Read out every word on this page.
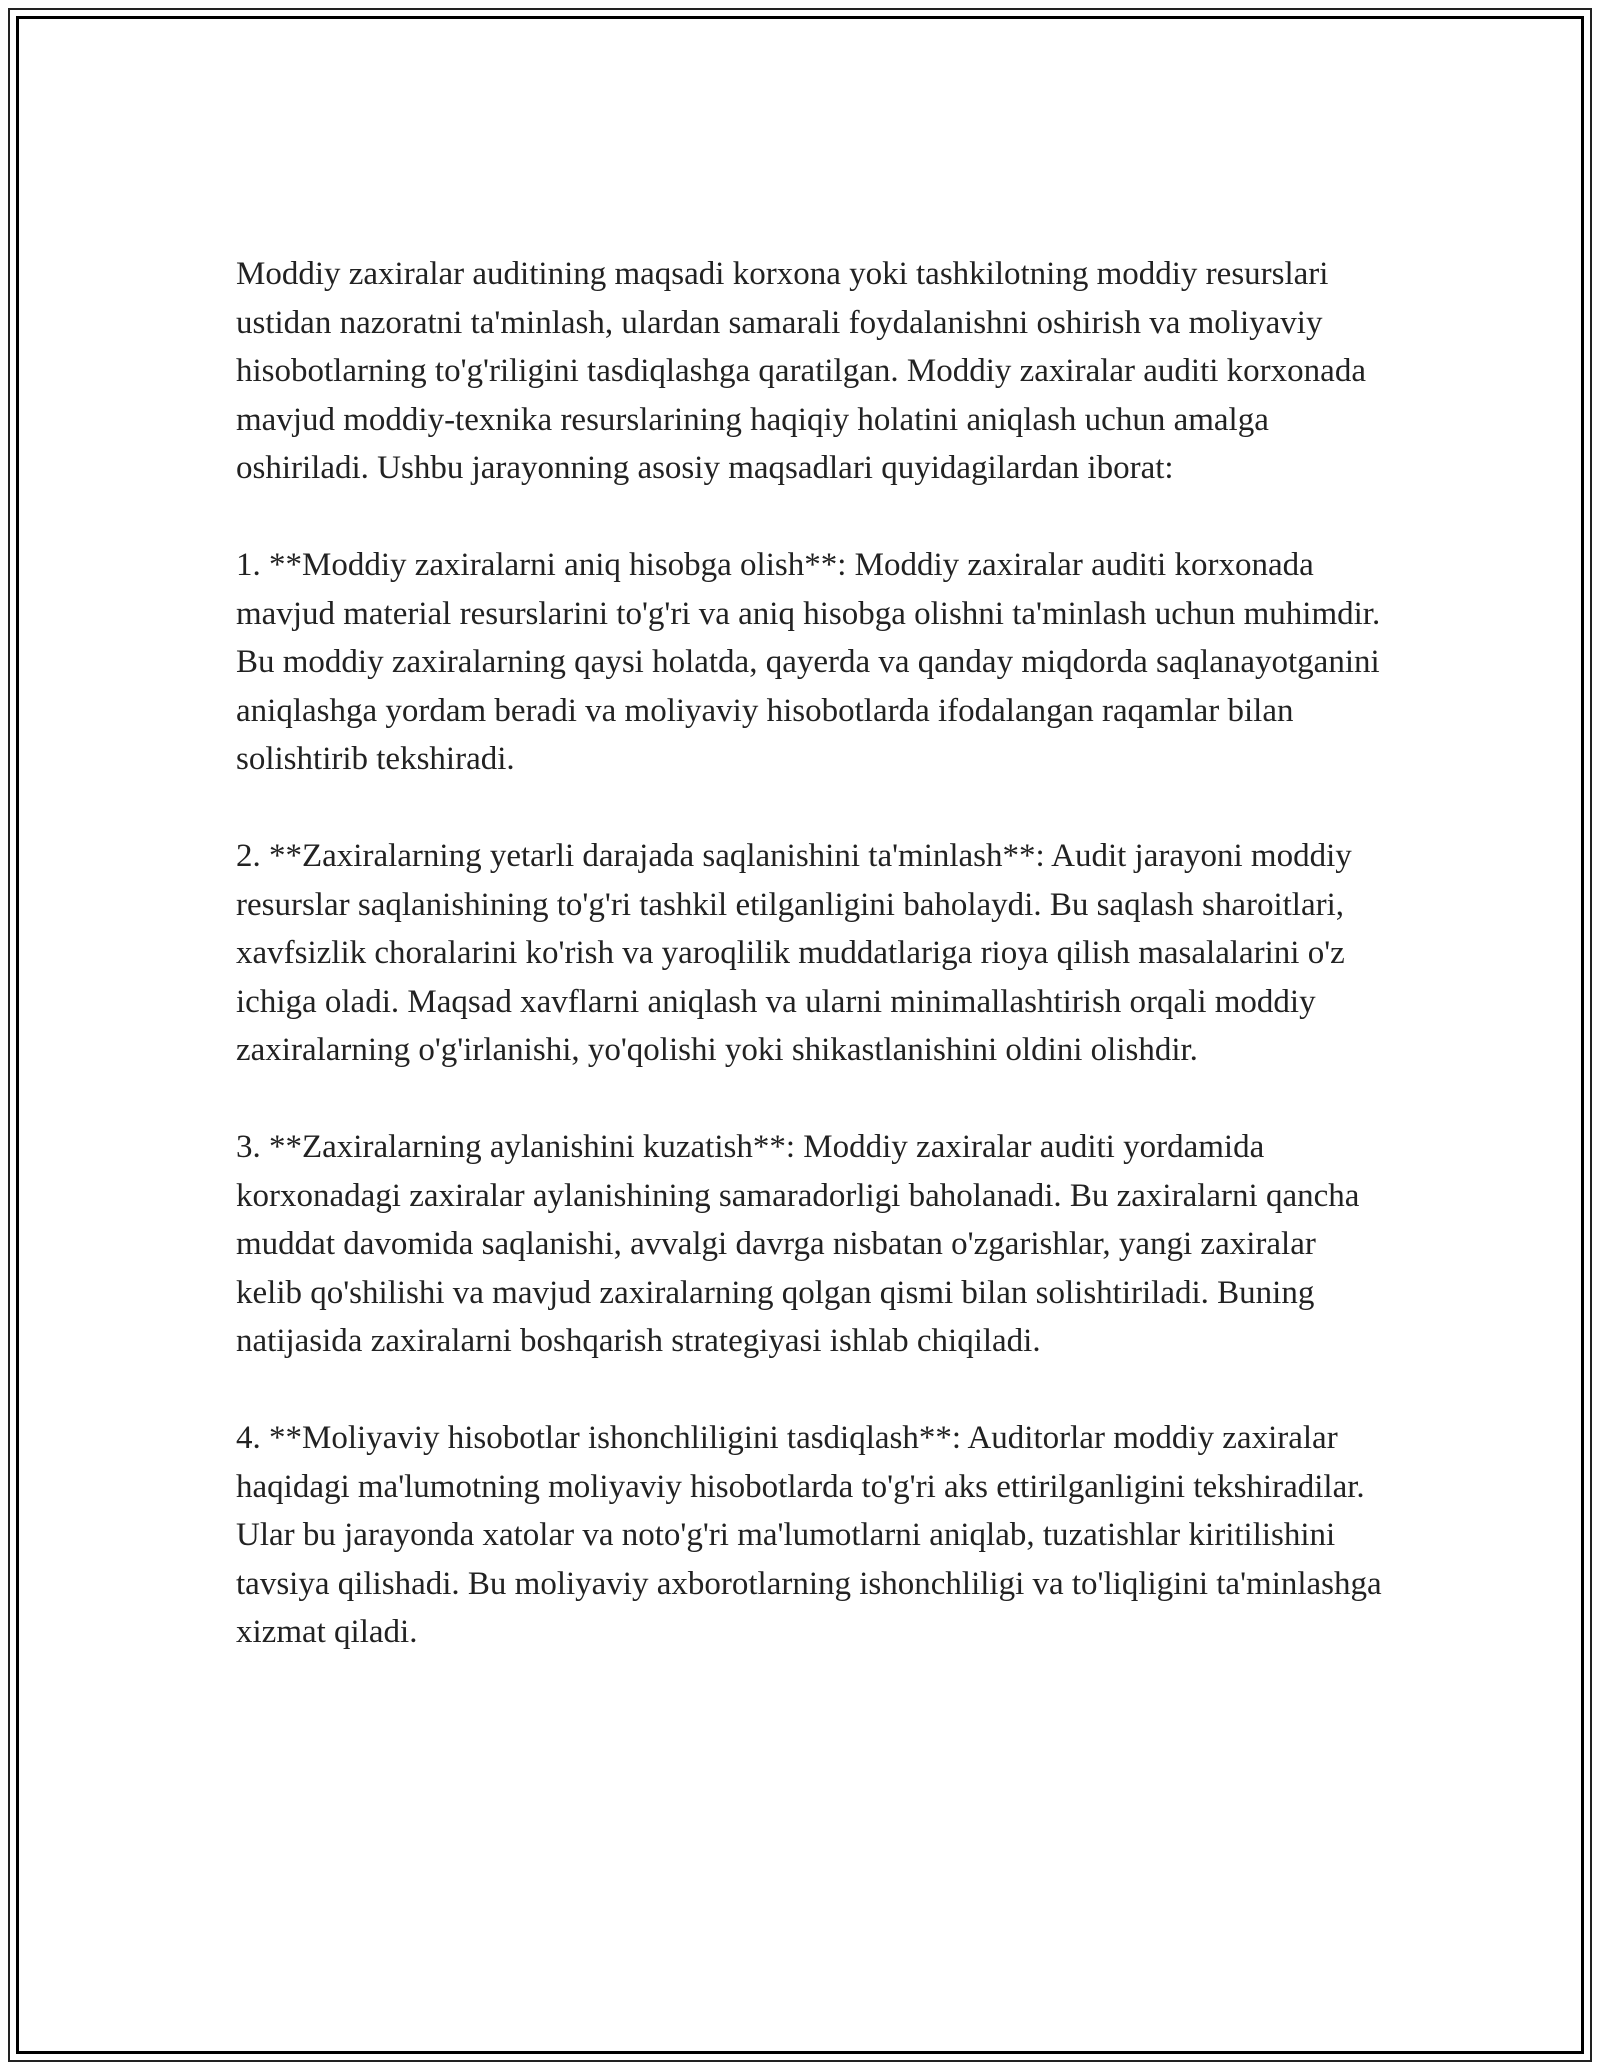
Moddiy zaxiralar auditining maqsadi korxona yoki tashkilotning moddiy resurslari ustidan nazoratni ta'minlash, ulardan samarali foydalanishni oshirish va moliyaviy hisobotlarning to'g'riligini tasdiqlashga qaratilgan. Moddiy zaxiralar auditi korxonada mavjud moddiy-texnika resurslarining haqiqiy holatini aniqlash uchun amalga oshiriladi. Ushbu jarayonning asosiy maqsadlari quyidagilardan iborat:

1. **Moddiy zaxiralarni aniq hisobga olish**: Moddiy zaxiralar auditi korxonada mavjud material resurslarini to'g'ri va aniq hisobga olishni ta'minlash uchun muhimdir. Bu moddiy zaxiralarning qaysi holatda, qayerda va qanday miqdorda saqlanayotganini aniqlashga yordam beradi va moliyaviy hisobotlarda ifodalangan raqamlar bilan solishtirib tekshiradi.

2. **Zaxiralarning yetarli darajada saqlanishini ta'minlash**: Audit jarayoni moddiy resurslar saqlanishining to'g'ri tashkil etilganligini baholaydi. Bu saqlash sharoitlari, xavfsizlik choralarini ko'rish va yaroqlilik muddatlariga rioya qilish masalalarini o'z ichiga oladi. Maqsad xavflarni aniqlash va ularni minimallashtirish orqali moddiy zaxiralarning o'g'irlanishi, yo'qolishi yoki shikastlanishini oldini olishdir.

3. **Zaxiralarning aylanishini kuzatish**: Moddiy zaxiralar auditi yordamida korxonadagi zaxiralar aylanishining samaradorligi baholanadi. Bu zaxiralarni qancha muddat davomida saqlanishi, avvalgi davrga nisbatan o'zgarishlar, yangi zaxiralar kelib qo'shilishi va mavjud zaxiralarning qolgan qismi bilan solishtiriladi. Buning natijasida zaxiralarni boshqarish strategiyasi ishlab chiqiladi.

4. **Moliyaviy hisobotlar ishonchliligini tasdiqlash**: Auditorlar moddiy zaxiralar haqidagi ma'lumotning moliyaviy hisobotlarda to'g'ri aks ettirilganligini tekshiradilar. Ular bu jarayonda xatolar va noto'g'ri ma'lumotlarni aniqlab, tuzatishlar kiritilishini tavsiya qilishadi. Bu moliyaviy axborotlarning ishonchliligi va to'liqligini ta'minlashga xizmat qiladi.
